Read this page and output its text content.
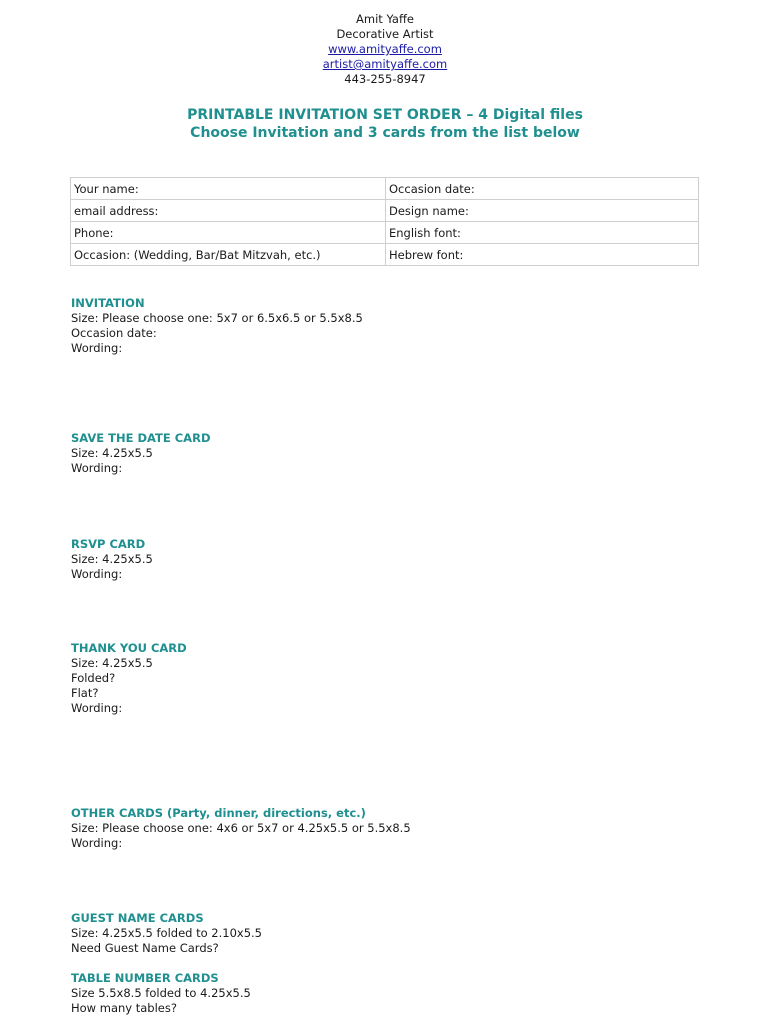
Amit Yaffe
Decorative Artist
www.amityaffe.com
artist@amityaffe.com
443-255-8947
PRINTABLE INVITATION SET ORDER – 4 Digital files
Choose Invitation and 3 cards from the list below
Your name:	Occasion date:
email address:	Design name:
Phone:	English font:
Occasion: (Wedding, Bar/Bat Mitzvah, etc.)	Hebrew font:
INVITATION
Size: Please choose one: 5x7 or 6.5x6.5 or 5.5x8.5
Occasion date:
Wording:
SAVE THE DATE CARD
Size: 4.25x5.5
Wording:
RSVP CARD
Size: 4.25x5.5
Wording:
THANK YOU CARD
Size: 4.25x5.5
Folded?
Flat?
Wording:
OTHER CARDS (Party, dinner, directions, etc.)
Size: Please choose one: 4x6 or 5x7 or 4.25x5.5 or 5.5x8.5
Wording:
GUEST NAME CARDS
Size: 4.25x5.5 folded to 2.10x5.5
Need Guest Name Cards?
TABLE NUMBER CARDS
Size 5.5x8.5 folded to 4.25x5.5
How many tables?
